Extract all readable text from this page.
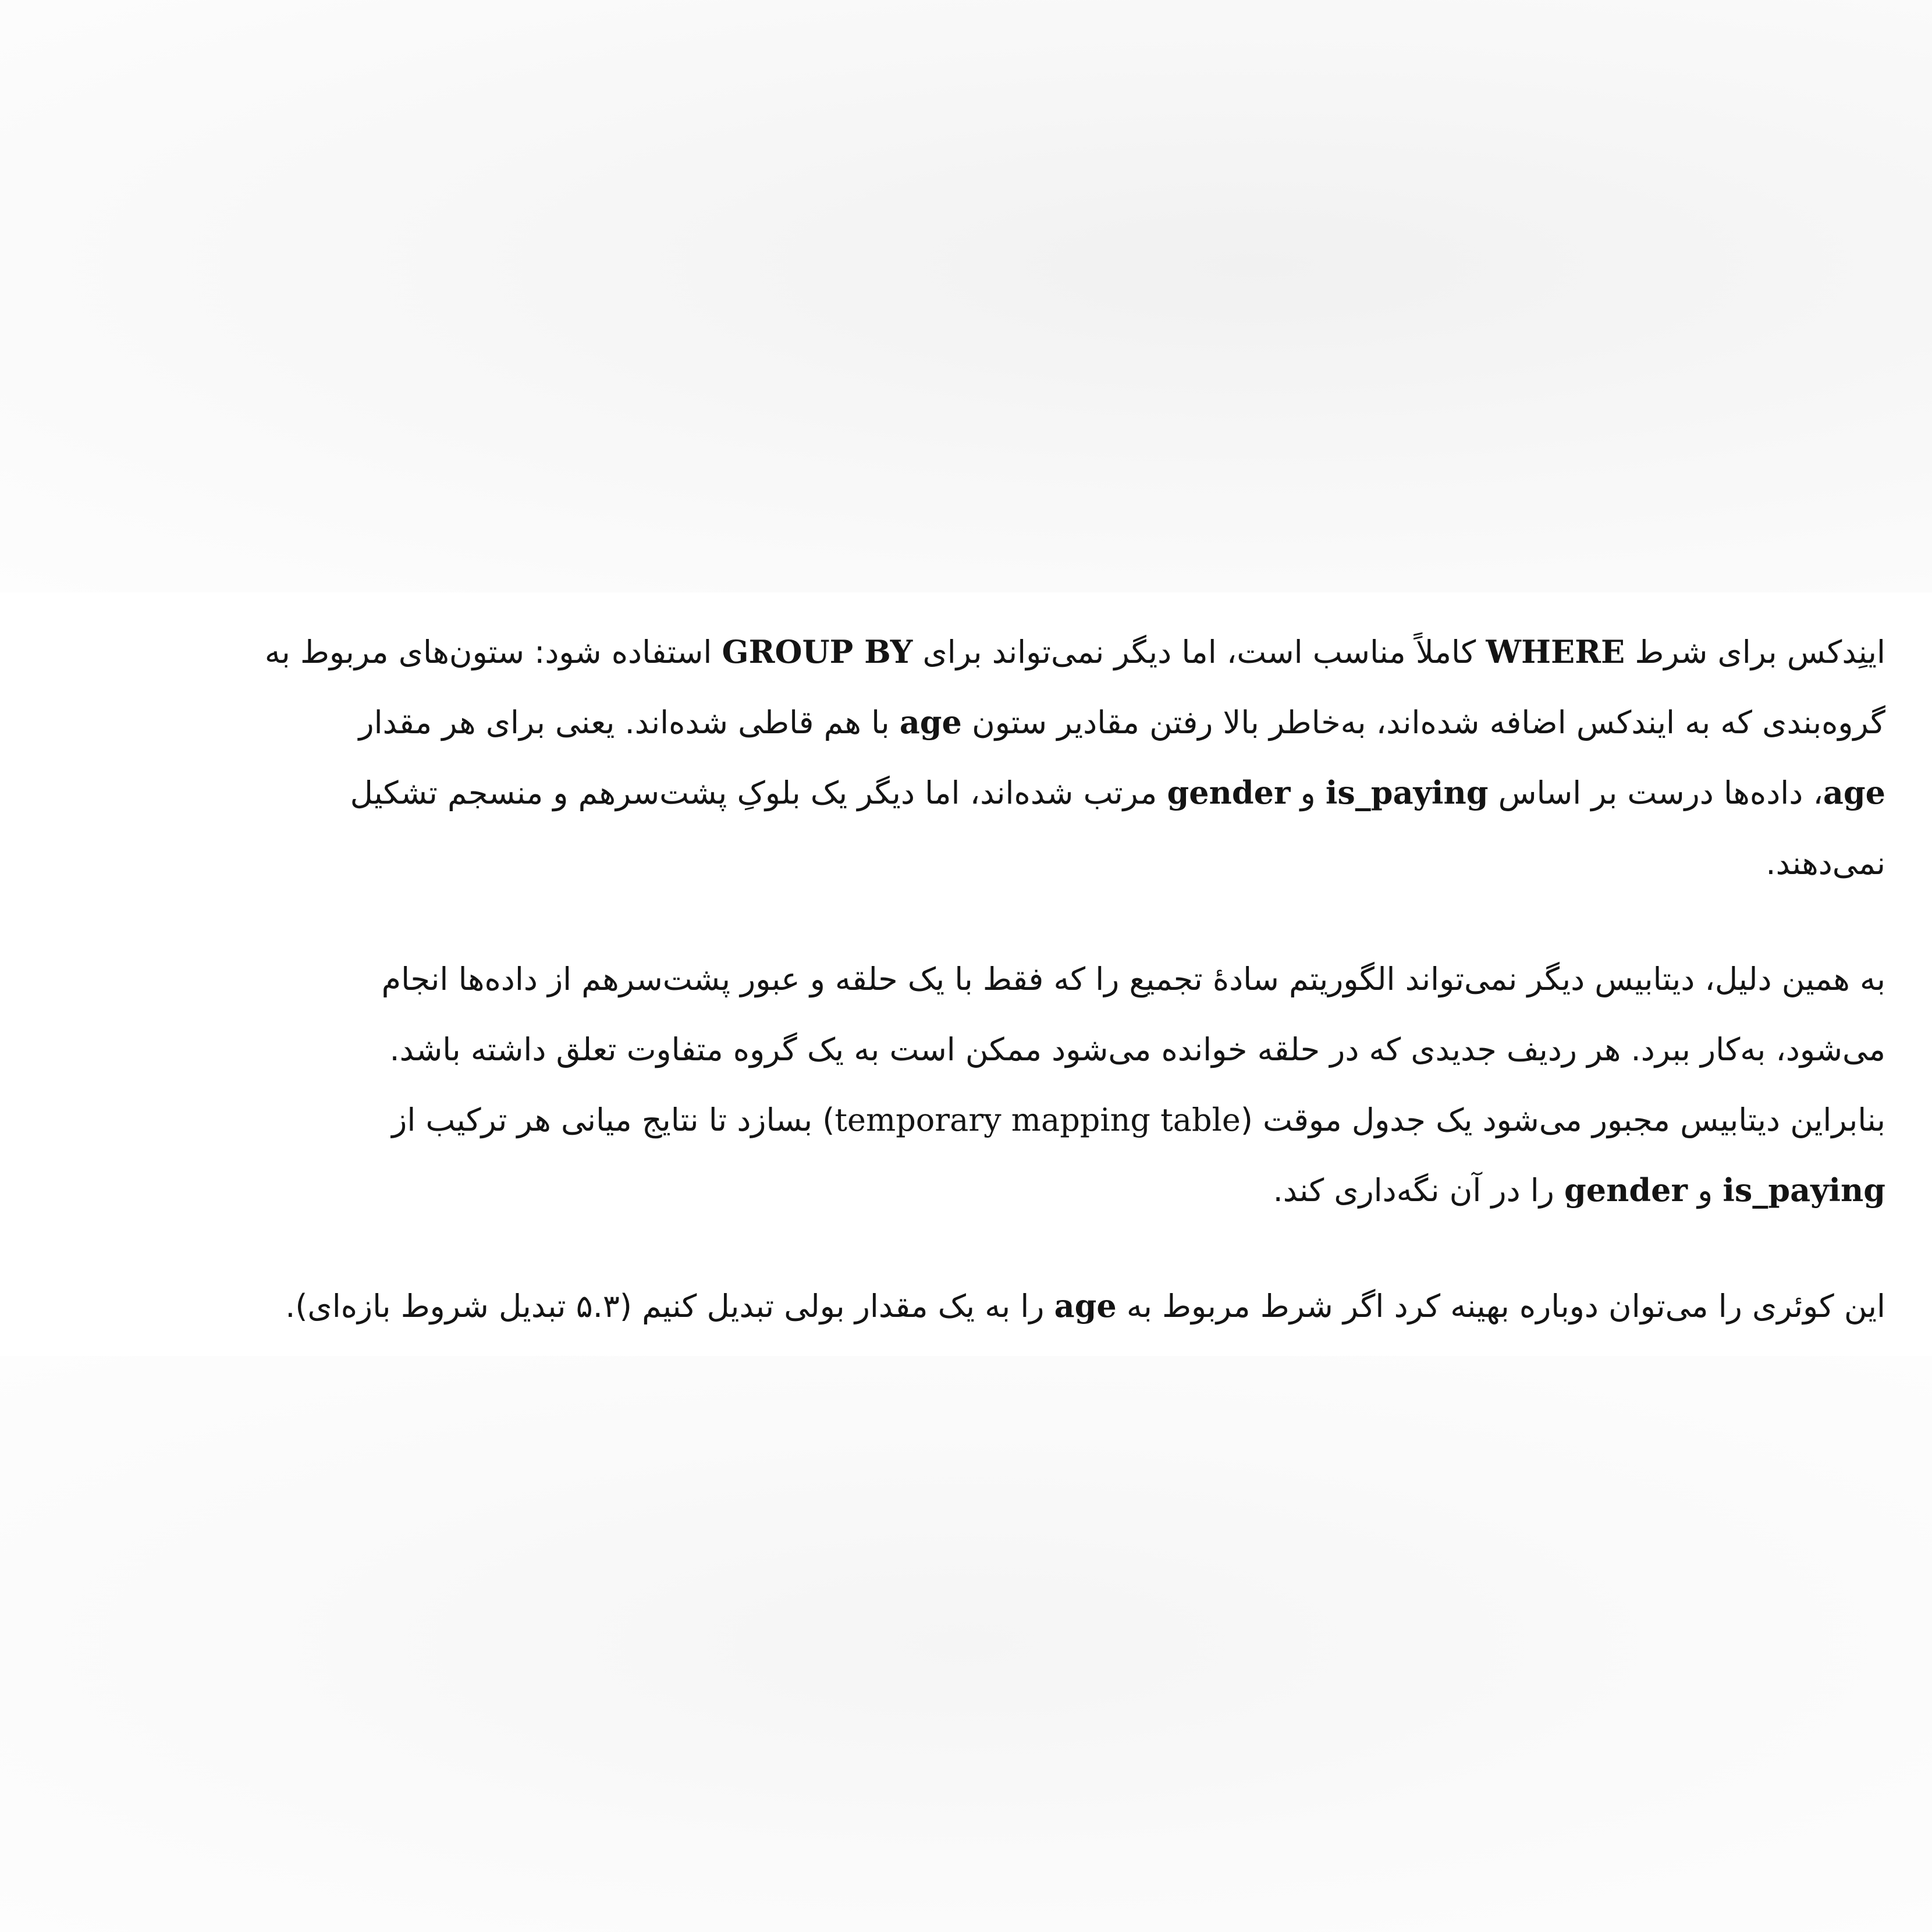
اینِدکس برای شرط WHERE کاملاً مناسب است، اما دیگر نمی‌تواند برای GROUP BY استفاده شود: ستون‌های مربوط به
گروه‌بندی که به ایندکس اضافه شده‌اند، به‌خاطر بالا رفتن مقادیر ستون age با هم قاطی شده‌اند. یعنی برای هر مقدار
age، داده‌ها درست بر اساس is_paying و gender مرتب شده‌اند، اما دیگر یک بلوکِ پشت‌سرهم و منسجم تشکیل
نمی‌دهند.

به همین دلیل، دیتابیس دیگر نمی‌تواند الگوریتم سادهٔ تجمیع را که فقط با یک حلقه و عبور پشت‌سرهم از داده‌ها انجام
می‌شود، به‌کار ببرد. هر ردیف جدیدی که در حلقه خوانده می‌شود ممکن است به یک گروه متفاوت تعلق داشته باشد.
بنابراین دیتابیس مجبور می‌شود یک جدول موقت (temporary mapping table) بسازد تا نتایج میانی هر ترکیب از
is_paying و gender را در آن نگه‌داری کند.

این کوئری را می‌توان دوباره بهینه کرد اگر شرط مربوط به age را به یک مقدار بولی تبدیل کنیم (۵.۳ تبدیل شروط بازه‌ای).
